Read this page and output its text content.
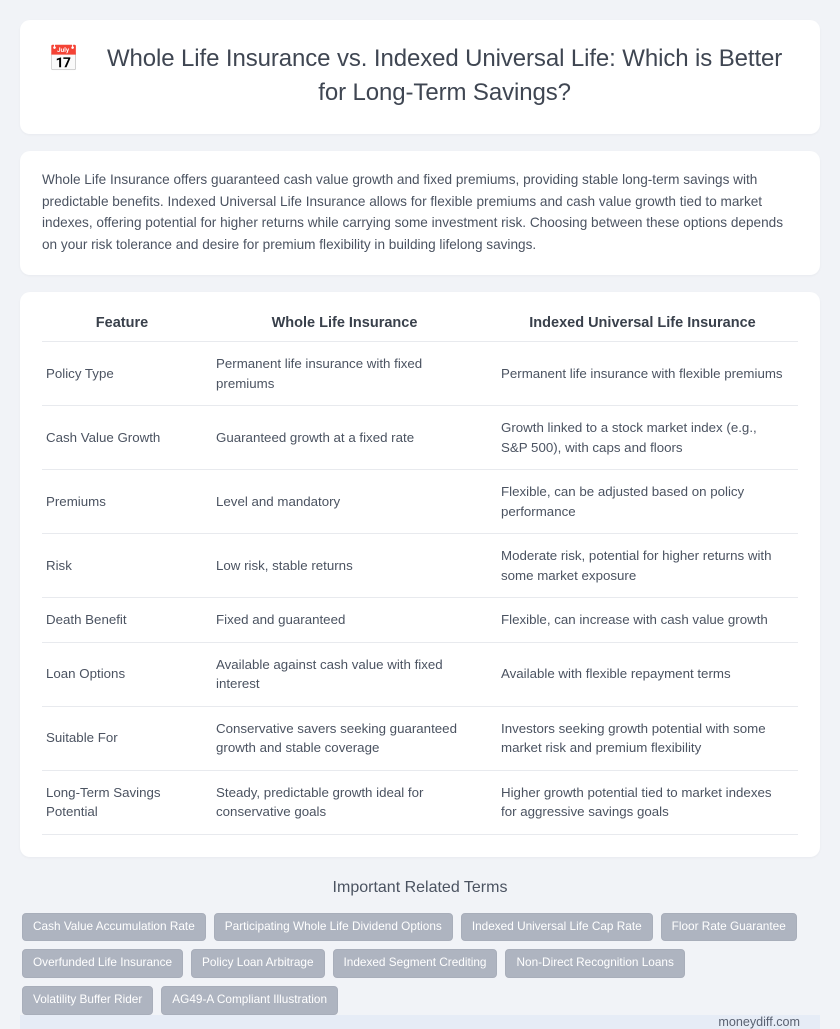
📅	Whole Life Insurance vs. Indexed Universal Life: Which is Better for Long-Term Savings?

Whole Life Insurance offers guaranteed cash value growth and fixed premiums, providing stable long-term savings with predictable benefits. Indexed Universal Life Insurance allows for flexible premiums and cash value growth tied to market indexes, offering potential for higher returns while carrying some investment risk. Choosing between these options depends on your risk tolerance and desire for premium flexibility in building lifelong savings.

Feature	Whole Life Insurance	Indexed Universal Life Insurance
Policy Type	Permanent life insurance with fixed premiums	Permanent life insurance with flexible premiums
Cash Value Growth	Guaranteed growth at a fixed rate	Growth linked to a stock market index (e.g., S&P 500), with caps and floors
Premiums	Level and mandatory	Flexible, can be adjusted based on policy performance
Risk	Low risk, stable returns	Moderate risk, potential for higher returns with some market exposure
Death Benefit	Fixed and guaranteed	Flexible, can increase with cash value growth
Loan Options	Available against cash value with fixed interest	Available with flexible repayment terms
Suitable For	Conservative savers seeking guaranteed growth and stable coverage	Investors seeking growth potential with some market risk and premium flexibility
Long-Term Savings Potential	Steady, predictable growth ideal for conservative goals	Higher growth potential tied to market indexes for aggressive savings goals
Important Related Terms
Cash Value Accumulation Rate	Participating Whole Life Dividend Options	Indexed Universal Life Cap Rate	Floor Rate Guarantee
Overfunded Life Insurance	Policy Loan Arbitrage	Indexed Segment Crediting	Non-Direct Recognition Loans
Volatility Buffer Rider	AG49-A Compliant Illustration
moneydiff.com
